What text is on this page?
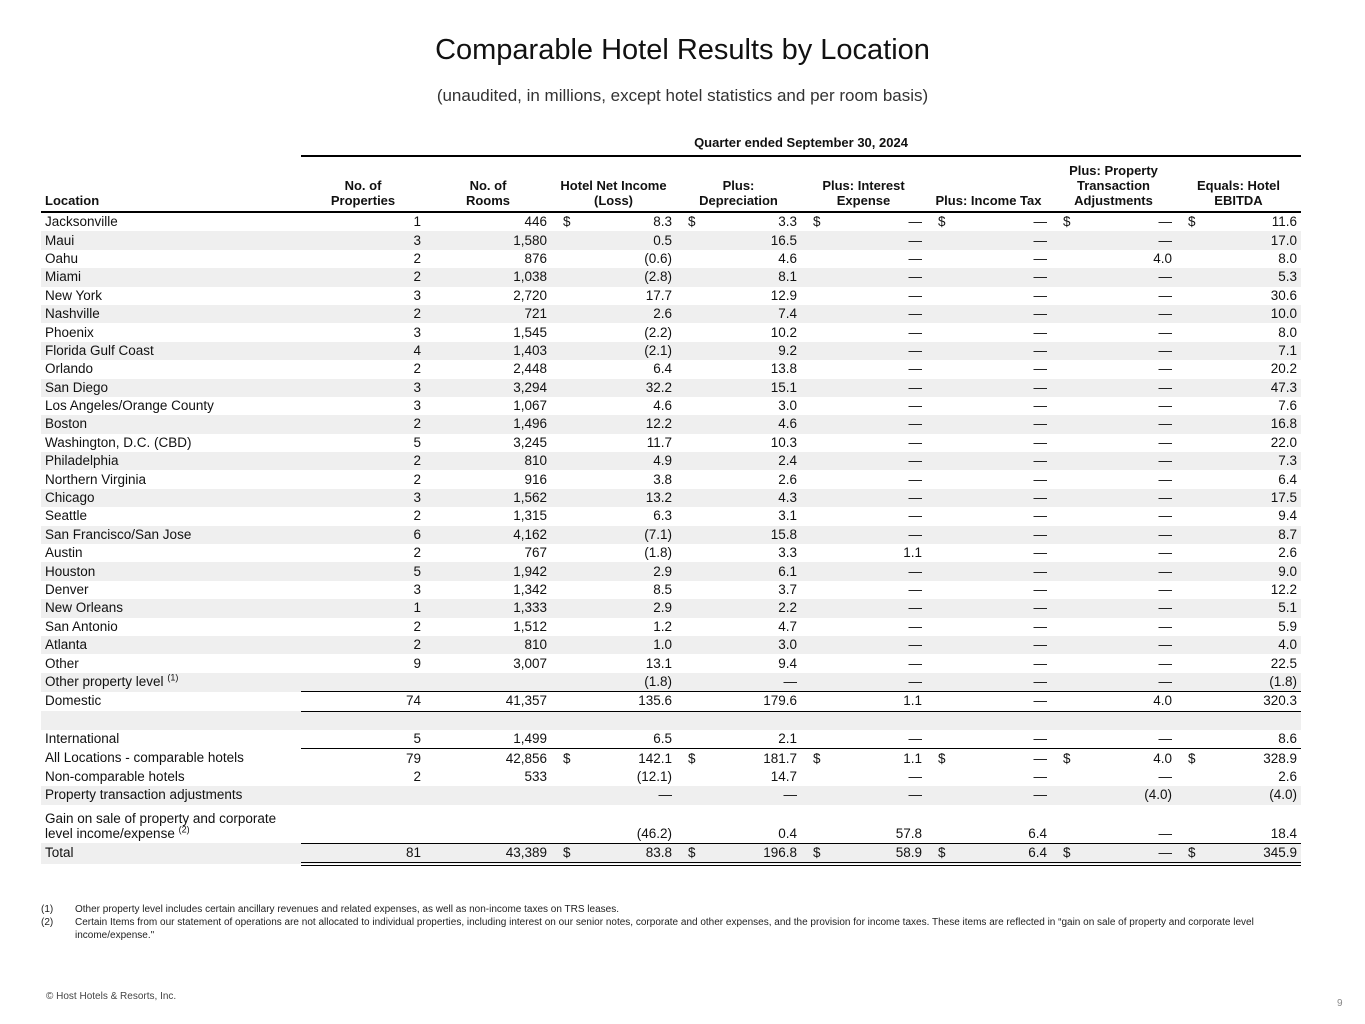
Comparable Hotel Results by Location
(unaudited, in millions, except hotel statistics and per room basis)
Quarter ended September 30, 2024
Location	No. of Properties	No. of Rooms	Hotel Net Income (Loss)	Plus: Depreciation	Plus: Interest Expense	Plus: Income Tax	Plus: Property Transaction Adjustments	Equals: Hotel EBITDA
Jacksonville	1	446	$ 8.3	$ 3.3	$ —	$ —	$ —	$ 11.6

Maui	3	1,580	0.5	16.5	—	—	—	17.0
Oahu	2	876	(0.6)	4.6	—	—	4.0	8.0
Miami	2	1,038	(2.8)	8.1	—	—	—	5.3
New York	3	2,720	17.7	12.9	—	—	—	30.6
Nashville	2	721	2.6	7.4	—	—	—	10.0
Phoenix	3	1,545	(2.2)	10.2	—	—	—	8.0
Florida Gulf Coast	4	1,403	(2.1)	9.2	—	—	—	7.1
Orlando	2	2,448	6.4	13.8	—	—	—	20.2
San Diego	3	3,294	32.2	15.1	—	—	—	47.3
Los Angeles/Orange County	3	1,067	4.6	3.0	—	—	—	7.6
Boston	2	1,496	12.2	4.6	—	—	—	16.8
Washington, D.C. (CBD)	5	3,245	11.7	10.3	—	—	—	22.0
Philadelphia	2	810	4.9	2.4	—	—	—	7.3
Northern Virginia	2	916	3.8	2.6	—	—	—	6.4
Chicago	3	1,562	13.2	4.3	—	—	—	17.5
Seattle	2	1,315	6.3	3.1	—	—	—	9.4
San Francisco/San Jose	6	4,162	(7.1)	15.8	—	—	—	8.7
Austin	2	767	(1.8)	3.3	1.1	—	—	2.6
Houston	5	1,942	2.9	6.1	—	—	—	9.0
Denver	3	1,342	8.5	3.7	—	—	—	12.2
New Orleans	1	1,333	2.9	2.2	—	—	—	5.1
San Antonio	2	1,512	1.2	4.7	—	—	—	5.9
Atlanta	2	810	1.0	3.0	—	—	—	4.0
Other	9	3,007	13.1	9.4	—	—	—	22.5
Other property level $^{(1)}$			(1.8)	—	—	—	—	(1.8)
Domestic	74	41,357	135.6	179.6	1.1	—	4.0	320.3

International	5	1,499	6.5	2.1	—	—	—	8.6
All Locations - comparable hotels	79	42,856	$ 142.1	$ 181.7	$ 1.1	$ —	$ 4.0	$ 328.9

Non-comparable hotels	2	533	(12.1)	14.7	—	—	—	2.6
Property transaction adjustments			—	—	—	—	(4.0)	(4.0)
Gain on sale of property and corporate level income/expense $^{(2)}$			(46.2)	0.4	57.8	6.4	—	18.4
Total	81	43,389	$ 83.8	$ 196.8	$ 58.9	$ 6.4	$ —	$ 345.9
(1)	Other property level includes certain ancillary revenues and related expenses, as well as non-income taxes on TRS leases.
(2)	Certain Items from our statement of operations are not allocated to individual properties, including interest on our senior notes, corporate and other expenses, and the provision for income taxes. These items are reflected in “gain on sale of property and corporate level income/expense."
© Host Hotels & Resorts, Inc.
9
